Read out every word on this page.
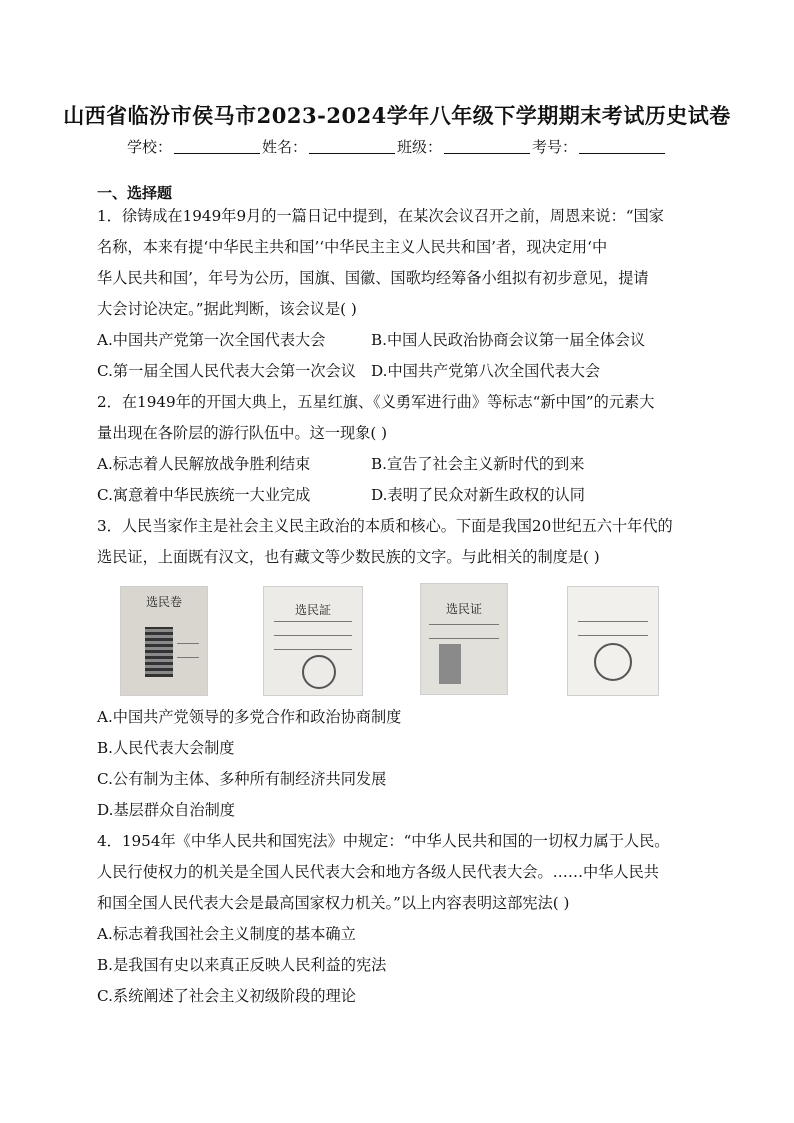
山西省临汾市侯马市2023-2024学年八年级下学期期末考试历史试卷
学校：	姓名：	班级：	考号：
一、选择题
1．徐铸成在1949年9月的一篇日记中提到，在某次会议召开之前，周恩来说：“国家
名称，本来有提‘中华民主共和国’‘中华民主主义人民共和国’者，现决定用‘中
华人民共和国’，年号为公历，国旗、国徽、国歌均经筹备小组拟有初步意见，提请
大会讨论决定。”据此判断，该会议是( )
A.中国共产党第一次全国代表大会	B.中国人民政治协商会议第一届全体会议
C.第一届全国人民代表大会第一次会议 D.中国共产党第八次全国代表大会
2．在1949年的开国大典上，五星红旗、《义勇军进行曲》等标志“新中国”的元素大
量出现在各阶层的游行队伍中。这一现象( )
A.标志着人民解放战争胜利结束	B.宣告了社会主义新时代的到来
C.寓意着中华民族统一大业完成	D.表明了民众对新生政权的认同
3．人民当家作主是社会主义民主政治的本质和核心。下面是我国20世纪五六十年代的
选民证，上面既有汉文，也有藏文等少数民族的文字。与此相关的制度是( )
选民卷
选民証	选民证
A.中国共产党领导的多党合作和政治协商制度
B.人民代表大会制度
C.公有制为主体、多种所有制经济共同发展
D.基层群众自治制度
4．1954年《中华人民共和国宪法》中规定：“中华人民共和国的一切权力属于人民。
人民行使权力的机关是全国人民代表大会和地方各级人民代表大会。……中华人民共
和国全国人民代表大会是最高国家权力机关。”以上内容表明这部宪法( )
A.标志着我国社会主义制度的基本确立
B.是我国有史以来真正反映人民利益的宪法
C.系统阐述了社会主义初级阶段的理论
